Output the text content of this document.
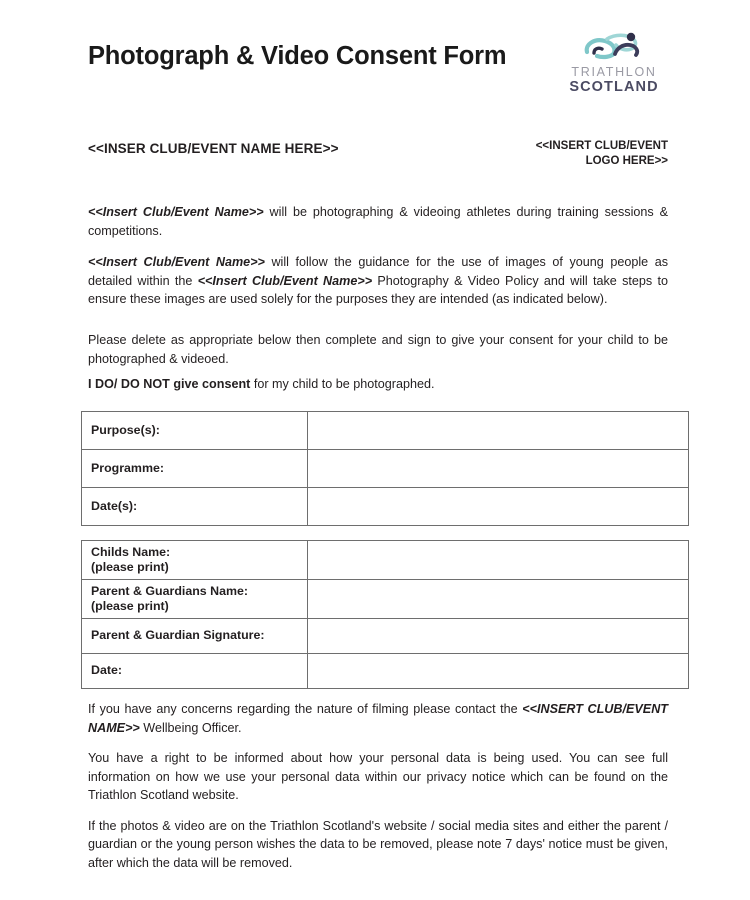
Photograph & Video Consent Form
TRIATHLON
SCOTLAND
<<INSER CLUB/EVENT NAME HERE>>	<<INSERT CLUB/EVENT
LOGO HERE>>

<<Insert Club/Event Name>> will be photographing & videoing athletes during training sessions & competitions.

<<Insert Club/Event Name>> will follow the guidance for the use of images of young people as detailed within the <<Insert Club/Event Name>> Photography & Video Policy and will take steps to ensure these images are used solely for the purposes they are intended (as indicated below).

Please delete as appropriate below then complete and sign to give your consent for your child to be photographed & videoed.

I DO/ DO NOT give consent for my child to be photographed.

Purpose(s):	
Programme:	
Date(s):	
Childs Name:
(please print)	

Parent & Guardians Name:
(please print)	

Parent & Guardian Signature:	
Date:	

If you have any concerns regarding the nature of filming please contact the <<INSERT CLUB/EVENT NAME>> Wellbeing Officer.

You have a right to be informed about how your personal data is being used. You can see full information on how we use your personal data within our privacy notice which can be found on the Triathlon Scotland website.

If the photos & video are on the Triathlon Scotland's website / social media sites and either the parent / guardian or the young person wishes the data to be removed, please note 7 days' notice must be given, after which the data will be removed.
